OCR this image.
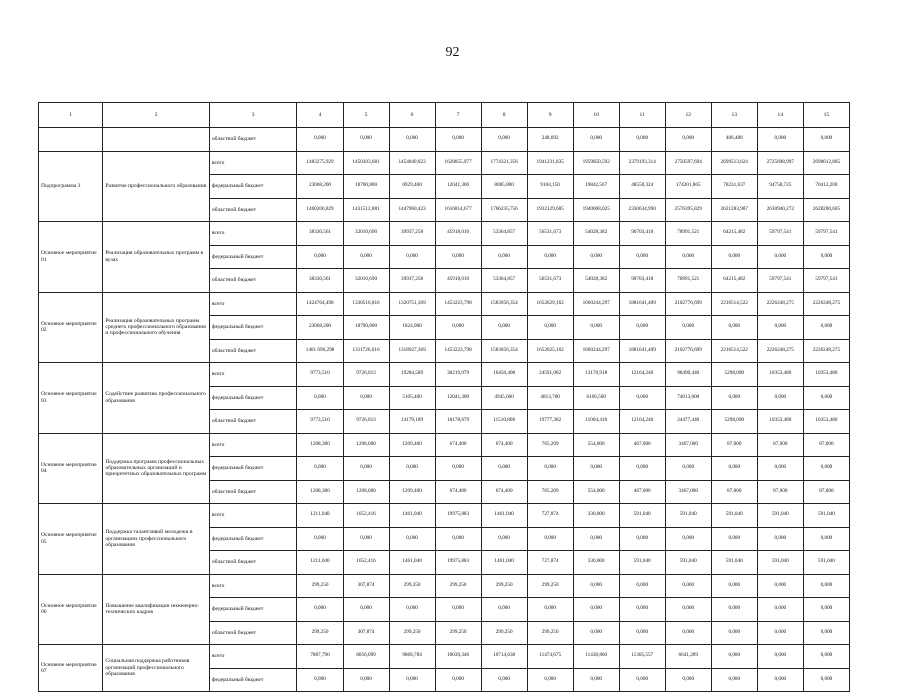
92
1	2	3	4	5	6	7	8	9	10	11	12	13	14	15
		областной бюджет	0,000	0,000	0,000	0,000	0,000	248,692	0,000	0,000	0,000	406,488	0,000	0,000
Подпрограмма 3	Развитие профессионального образования	всего	1483275,929	1450303,681	1454849,823	1628855,977	1774321,356	1941231,835	1959850,592	2379193,314	2750597,694	2699513,624	2725698,997	2698612,805
		федеральный бюджет	23068,200	18700,800	6929,400	12041,300	8085,800	9104,150	19842,567	48558,324	174201,865	78231,637	94758,725	70412,200
		областной бюджет	1460206,829	1431512,881	1447960,423	1616814,677	1766235,756	1932129,685	1940008,025	2330634,990	2576395,829	2621283,987	2630940,272	2628200,605
Основное мероприятие 01	Реализация образовательных программ в вузах	всего	38330,561	32010,690	39937,258	45918,010	53364,857	56531,673	54028,382	90703,418	78991,521	64215,482	59797,541	59797,541
		федеральный бюджет	0,000	0,000	0,000	0,000	0,000	0,000	0,000	0,000	0,000	0,000	0,000	0,000
		областной бюджет	38330,561	32010,690	39937,258	45918,010	53364,857	56531,673	54028,382	90703,418	78991,521	64215,482	59797,541	59797,541
Основное мероприятие 02	Реализация образовательных программ среднего профессионального образования и профессионального обучения	всего	1424764,498	1330516,816	1320751,369	1453223,798	1583056,354	1652629,162	1660244,297	1881641,409	2102776,699	2216514,522	2226248,275	2226248,275
		федеральный бюджет	23068,200	18790,800	1824,000	0,000	0,000	0,000	0,000	0,000	0,000	0,000	0,000	0,000
		областной бюджет	1401 696,298	1311726,016	1318927,369	1453223,798	1583056,354	1652625,162	1660244,297	1881641,409	2102776,699	2216514,522	2226248,275	2226248,275
Основное мероприятие 03	Содействие развитию профессионального образования	всего	9773,510	9726,013	19284,589	30219,979	16450,408	24591,082	13170,918	12164,240	98490,440	5298,098	10353,480	10353,480
		федеральный бюджет	0,000	0,000	5105,400	12041,300	4945,600	4813,700	6166,500	0,000	74013,000	0,000	0,000	0,000
		областной бюджет	9773,510	9726,013	14179,189	18178,679	11510,808	19777,382	11004,418	12164,240	24477,440	5298,098	10353,480	10353,480
Основное мероприятие 04	Поддержка программ профессиональных образовательных организаций и приоритетных образовательных программ	всего	1208,380	1208,600	1209,400	674,400	674,400	765,209	554,000	467,000	3467,000	87,000	87,000	87,000
		федеральный бюджет	0,000	0,000	0,000	0,000	0,000	0,000	0,000	0,000	0,000	0,000	0,000	0,000
		областной бюджет	1208,380	1208,600	1209,400	674,400	674,400	765,209	554,000	467,000	3467,000	87,000	87,000	87,000
Основное мероприятие 05	Поддержка талантливой молодежи в организациях профессионального образования	всего	1211,040	1652,416	1461,040	19975,883	1461,040	727,874	330,000	591,040	591,040	591,040	591,040	591,040
		федеральный бюджет	0,000	0,000	0,000	0,000	0,000	0,000	0,000	0,000	0,000	0,000	0,000	0,000
		областной бюджет	1211,040	1652,416	1461,040	19975,883	1461,040	727,874	330,000	591,040	591,040	591,040	591,040	591,040
Основное мероприятие 06	Повышение квалификации инженерно- технических кадров	всего	299,250	307,874	299,250	299,250	299,250	299,250	0,000	0,000	0,000	0,000	0,000	0,000
		федеральный бюджет	0,000	0,000	0,000	0,000	0,000	0,000	0,000	0,000	0,000	0,000	0,000	0,000
		областной бюджет	299,250	307,874	299,250	299,250	299,250	299,250	0,000	0,000	0,000	0,000	0,000	0,000
Основное мероприятие 07	Социальная поддержка работников организаций профессионального образования	всего	7887,790	8056,099	9868,784	10039,346	10714,638	11474,675	11438,860	11305,557	6641,209	0,000	0,000	0,000
		федеральный бюджет	0,000	0,000	0,000	0,000	0,000	0,000	0,000	0,000	0,000	0,000	0,000	0,000
